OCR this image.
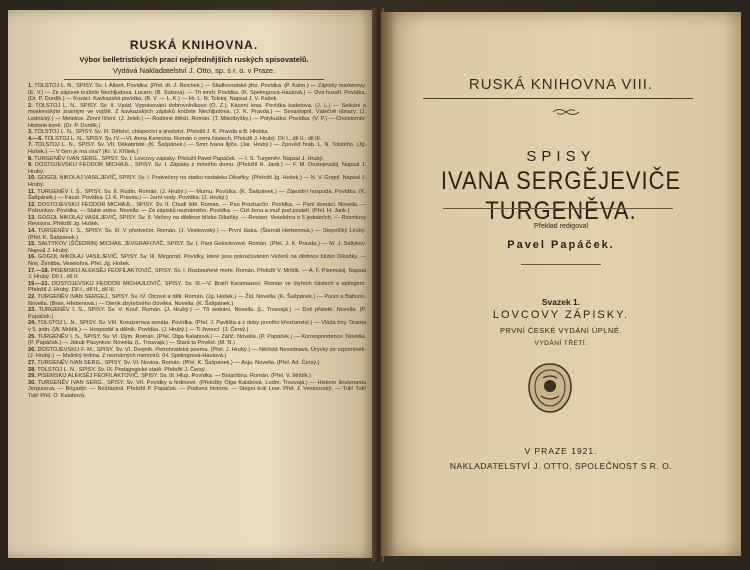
RUSKÁ KNIHOVNA.
Výbor belletristických prací nejpřednějších ruských spisovatelů.
Vydává Nakladatelství J. Otto, sp. s r. o. v Praze.
1. TOLSTOJ L. N., SPISY. Sv. I. Albert. Povídka. (Přel. dr. J. Reichek.) — Sladkovodské jitro. Povídka. (P. Kahn.) — Zápisky markérovy. (E. V.) — Ze zápisek knížete Nechljudova. Lucern. (B. Sukova). — Tři smrti. Povídka. (K. Spelingrová-Haulová.) — Dva husaři. Povídka. (Dr. P. Durdík.) — Kozáci. Kavkazská povídka. (B. V. — L. K.) — Hr. L. N. Tolstoj. Napsal J. V. Kašek.
2. TOLSTOJ L. N., SPISY. Sv. II. Vpád. Vyprávování dobrovolníkovo (O. Z.). Kácení lesa. Povídka kadetova. (J. L.) — Setkání s moskevským známým ve vojště. Z kavkazských zápisků knížete Nechljudova. (J. K. Pravda.) — Sevastopol. Válečné obrazy. (J. Lodnický.) — Metelice. Zimní líčení. (J. Jelek.) — Rodinné štěstí. Román. (T. Mikotbyšky.) — Polykuška. Povídka. (V. P.) — Cholstoměr. Historie koně. (Dr. P. Durdík.)
3. TOLSTOJ L. N., SPISY. Sv. III. Dětství, chlapectví a jinošství. Přeložil J. K. Pravda a B. Hlobka.
4.—6. TOLSTOJ L. N., SPISY. Sv. IV.—VI. Anna Karenina. Román o osmi částech. Přeložil J. Hrubý. Díl I., díl II., díl III.
7. TOLSTOJ L. N., SPISY. Sv. VII. Děkabristé. (K. Šašpánek.) — Smrt Ivana Iljiče. (Jar. Hrubý.) — Zpověď hrab. L. N. Tolstého. (Jg. Hošek.) — V čem je má víra? (Kr. V. Kříšek.)
8. TURGENĚV IVAN SERG., SPISY. Sv. I. Lovcovy zápisky. Přeložil Pavel Papáček. — I. S. Turgeněv. Napsal J. Hrubý.
9. DOSTOJEVSKIJ FEODOR MICHAJL., SPISY. Sv. I. Zápisky z mrtvého domu. (Přeložil H. Jank.) — F. M. Dostojevskij. Napsal J. Hrubý.
10. GOGOL NIKOLAJ VASILJEVIČ, SPISY. Sv. I. Podvečery na statku nedaleko Dikaňky. (Přeložil Jg. Hošek.) — N. V. Gogol. Napsal J. Hrubý.
11. TURGENĚV I. S., SPISY. Sv. II. Rudin. Román. (J. Hrubý.) — Mumu. Povídka. (K. Šašpánek.) — Zájezdní hospoda. Povídka. (K. Šašpánek.) — Faust. Povídka. (J. K. Pravda.) — Jarní vody. Povídka. (J. Hrubý.)
12. DOSTOJEVSKIJ FEODOR MICHAJL., SPISY. Sv. II. Chudí lidé. Román. — Pan Procharčin. Povídka. — Paní domácí. Novella. — Polzunkov. Povídka. — Slabé srdce. Novella. — Ze zápisků neznámého. Povídka. — Cizí žena a muž pod postelí. (Přel. H. Jank.)
13. GOGOL NIKOLAJ VASILJEVIČ, SPISY. Sv. II. Večery na dědince blízko Dikaňky. — Revisor. Veselohra o 5 jednáních. — Rozmluvy Revisora. Přeložil Jg. Hošek.
14. TURGENĚV I. S., SPISY. Sv. III. V předvečer. Román. (J. Vesleovský.) — První láska. (Šternál Herbenová.) — Stepníčký Lírský. (Přel. K. Šašpánek.)
15. SALTYKOV (ŠČEDRIN) MICHAIL JEVGRAFOVIČ, SPISY. Sv. I. Pani Golovlevové. Román. (Přel. J. K. Pravda.) — M. J. Saltykov. Napsal J. Hrubý.
16. GOGOL NIKOLAJ VASILJEVIČ, SPISY. Sv. III. Mirgorod. Povídky, které jsou pokračováním Večerů na dědince blízko Dikaňky. — Nos. Ženitba. Veselohra. Přel. Jg. Hošek.
17.—18. PISEMSKIJ ALEKSĚJ FEOFILAKTOVIČ, SPISY. Sv. I. Rozbouřené moře. Román. Přeložil V. Mrštík. — A. F. Pisemskij. Napsal J. Hrubý. Díl I., díl II.
19.—21. DOSTOJEVSKIJ FEODOR MICHAJLOVIČ, SPISY. Sv. III.—V. Bratři Karamazovi. Román ve čtyřech částech s epilogem. Přeložil J. Hrubý. Díl I., díl II., díl III.
22. TURGENĚV IVAN SERGEJ., SPISY. Sv. IV. Otcové a děti. Román. (Jg. Hošek.) — Žid. Novella. (K. Šašpánek.) — Punin a Baburin. Novella. (Bran. Hřebenová.) — Deník zbytečného člověka. Novella. (K. Šašpánek.)
23. TURGENĚV I. S., SPISY. Sv. V. Kouř. Román. (J. Hrubý.) — Tři setkání. Novella. (L. Trosvajá.) — Dvě přátelé. Novella. (P. Papáček.)
24. TOLSTOJ L. N., SPISY. Sv. VIII. Kreutzerova sonáta. Povídka. (Přel. J. Pavlišta a z doby prvního křesťanství.) — Vláda tmy. Drama v 5. jedn. (W. Mrštík.) — Hospodář a dělník. Povídka. (J. Hrubý.) — Ti živoucí. (J. Čersý.)
25. TURGENĚV I. S., SPISY. Sv. VI. Dým. Román. (Přel. Olga Kalabová.) — Zářič. Novella. (P. Papáček.) — Korrespondence. Novella. (P. Papáček.) — Jakub Pasynkov. Novella. (L. Trosvajá.) — Stará ta Pověst. (M. N.)
26. DOSTOJEVSKIJ F. M., SPISY. Sv. VI. Dvojník. Petrohradská poema. (Přel. J. Hrubý.) — Něčistá Nevodnava. Úryvky ze vzpomínek. (J. Hrubý.) — Malinký hrdina. Z neznámých memoirů. (H. Spelingrová-Haulová.)
27. TURGENĚV IVAN SERG., SPISY. Sv. VI. Novina. Román. (Přel. K. Šašpánek.) — Asja. Novella. (Přel. Ad. Čersý.)
28. TOLSTOJ L. N., SPISY. Sv. IX. Pedagogické statě. Přeložil J. Čersý.
29. PISEMSKIJ ALEKSĚJ FEOFILAKTOVIČ, SPISY. Sv. III. Hlup. Povídka. — Boiarština. Román. (Přel. V. Mrštík.)
30. TURGENĚV IVAN SERG., SPISY. Sv. VII. Povídky a hrdinové. (Přeložily Olga Kalabová, Ludm. Trosvajá.) — Historie lieutenanta Jergunova. — Brigadýr. — Nešťastná. Přeložil P. Papáček. — Podivná historie. — Stepní král Lear. Přel. J. Vesleovský. — Tuk! Tuk! Tuk! Přel. O. Kalabová.
RUSKÁ KNIHOVNA VIII.
SPISY
IVANA SERGĚJEVIČE TURGENĚVA.
Překlad redigoval
Pavel Papáček.
Svazek 1.
LOVCOVY ZÁPISKY.
PRVNÍ ČESKÉ VYDÁNÍ ÚPLNÉ.
VYDÁNÍ TŘETÍ.
V PRAZE 1921.
NAKLADATELSTVÍ J. OTTO, SPOLEČNOST S R. O.
